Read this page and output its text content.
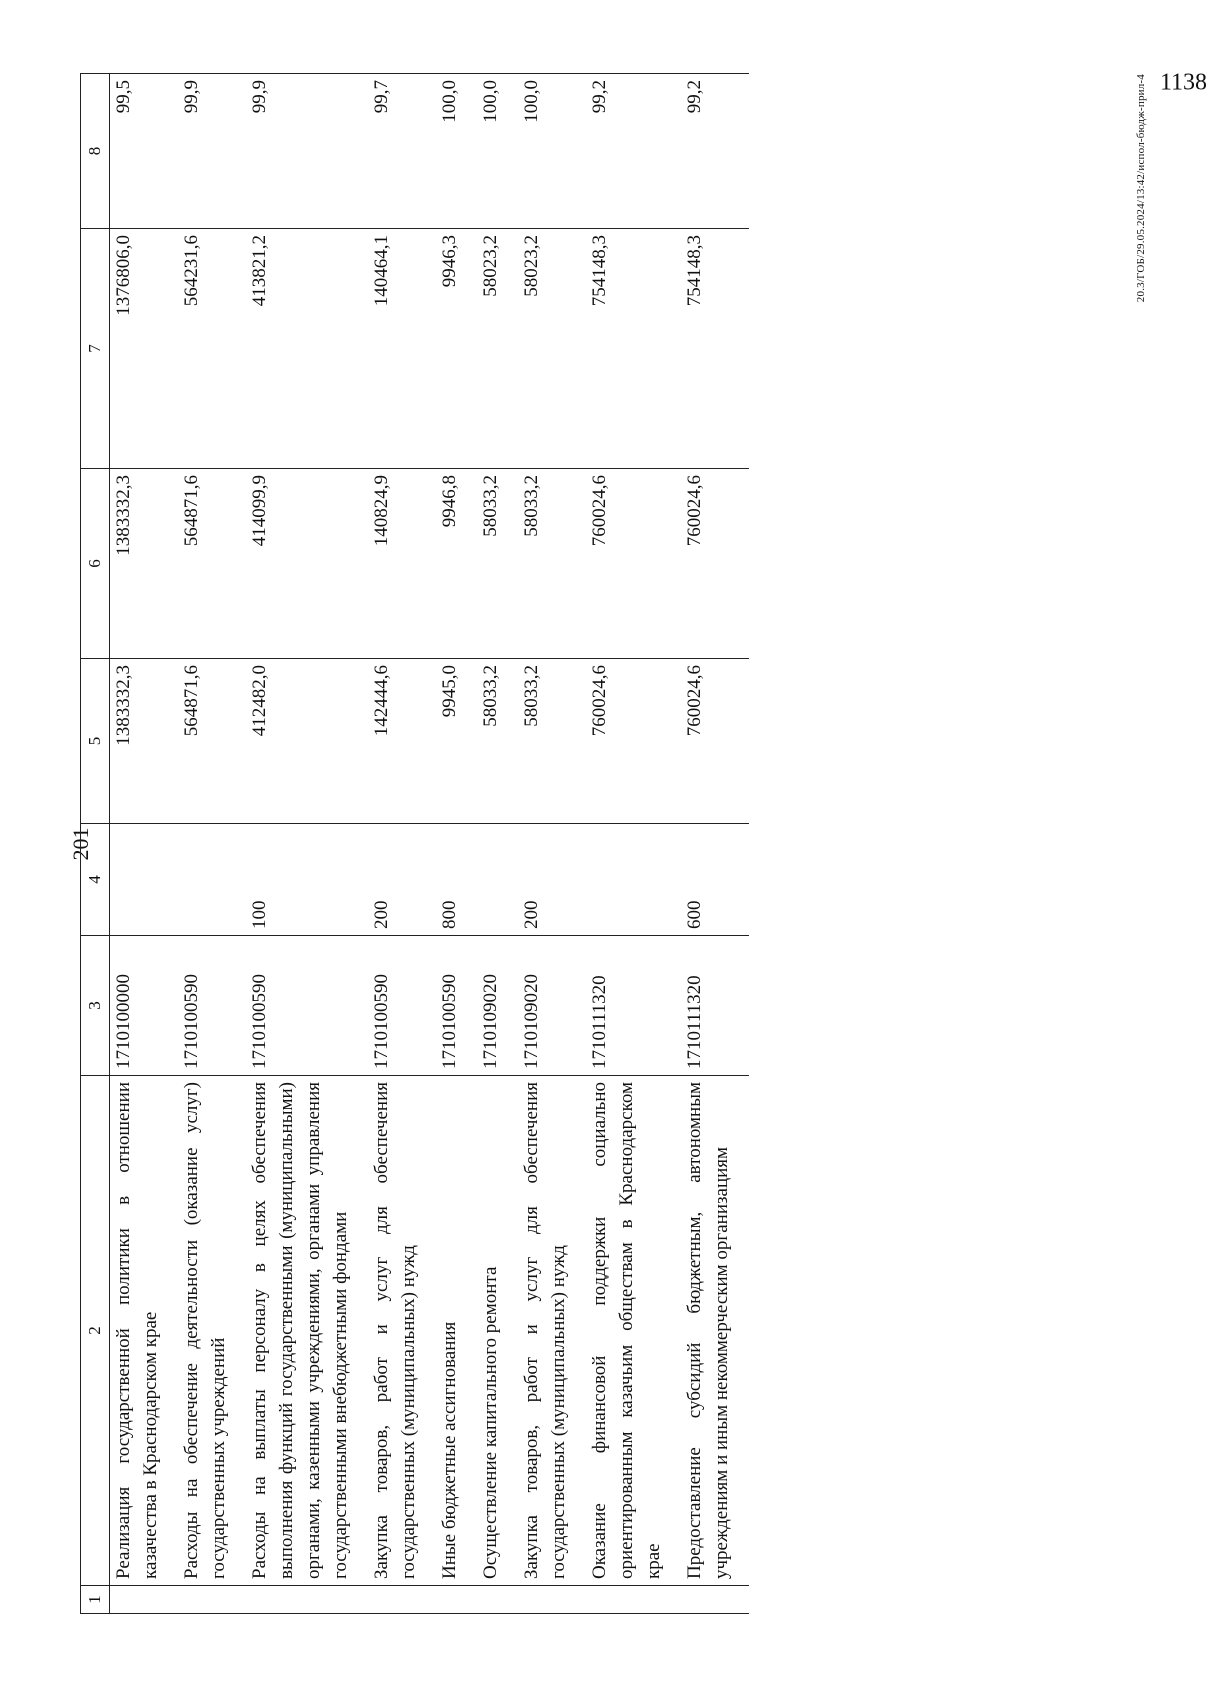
201
1	2	3	4	5	6	7	8
	Реализация государственной политики в отношении казачества в Краснодарском крае	1710100000		1383332,3	1383332,3	1376806,0	99,5
	Расходы на обеспечение деятельности (оказание услуг) государственных учреждений	1710100590		564871,6	564871,6	564231,6	99,9
	Расходы на выплаты персоналу в целях обеспечения выполнения функций государственными (муниципальными) органами, казенными учреждениями, органами управления государственными внебюджетными фондами	1710100590	100	412482,0	414099,9	413821,2	99,9
	Закупка товаров, работ и услуг для обеспечения государственных (муниципальных) нужд	1710100590	200	142444,6	140824,9	140464,1	99,7
	Иные бюджетные ассигнования	1710100590	800	9945,0	9946,8	9946,3	100,0
	Осуществление капитального ремонта	1710109020		58033,2	58033,2	58023,2	100,0
	Закупка товаров, работ и услуг для обеспечения государственных (муниципальных) нужд	1710109020	200	58033,2	58033,2	58023,2	100,0
	Оказание финансовой поддержки социально ориентированным казачьим обществам в Краснодарском крае	1710111320		760024,6	760024,6	754148,3	99,2
	Предоставление субсидий бюджетным, автономным учреждениям и иным некоммерческим организациям	1710111320	600	760024,6	760024,6	754148,3	99,2	20.3/ГОБ/29.05.2024/13:42/испол-бюдж-прил-4 1138
